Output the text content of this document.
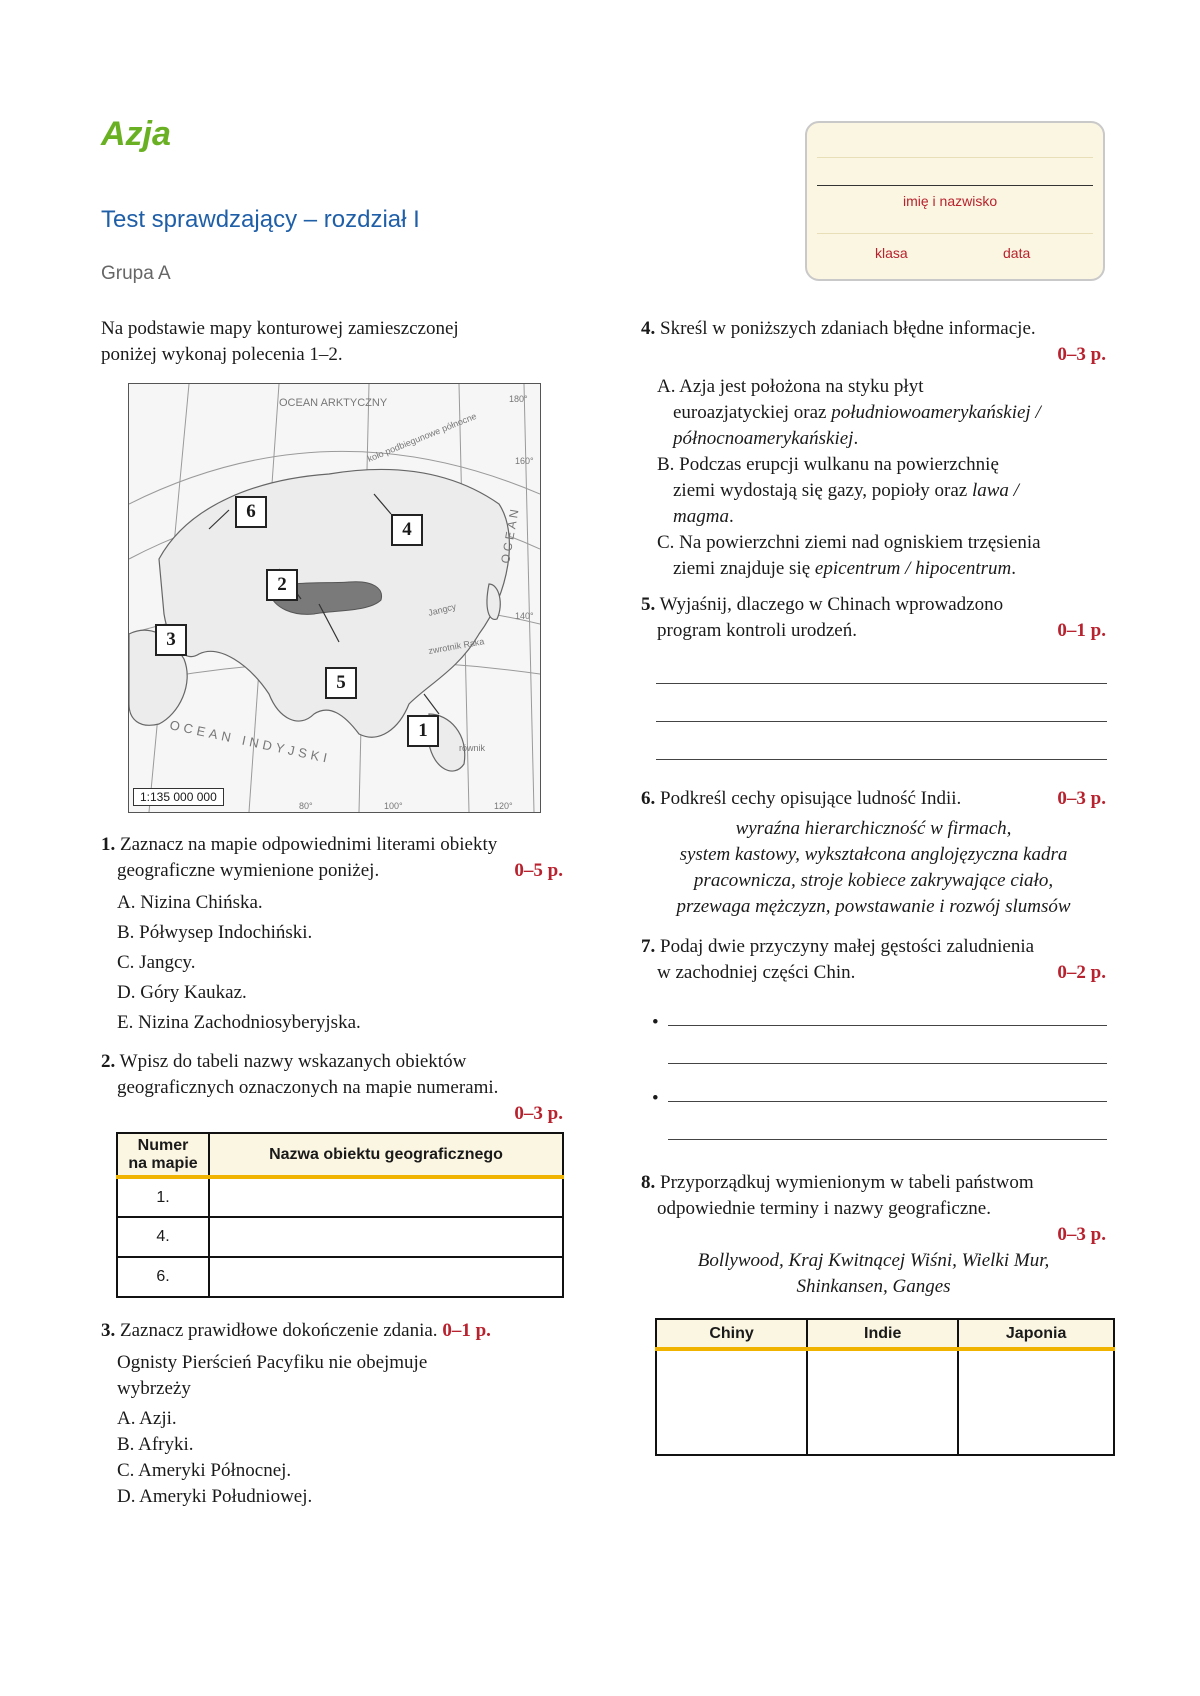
Azja
Test sprawdzający – rozdział I
Grupa A
imię i nazwisko
klasa	data
Na podstawie mapy konturowej zamieszczonej
poniżej wykonaj polecenia 1–2.
OCEAN ARKTYCZNY
OCEAN INDYJSKI
OCEAN
koło podbiegunowe północne
zwrotnik Raka
Jangcy
równik
180°
160°
140°
80°	100°	120°
6
4
2
3
5
1
1:135 000 000
1. Zaznacz na mapie odpowiednimi literami obiekty
geograficzne wymienione poniżej.	0–5 p.
A. Nizina Chińska.
B. Półwysep Indochiński.
C. Jangcy.
D. Góry Kaukaz.
E. Nizina Zachodniosyberyjska.
2. Wpisz do tabeli nazwy wskazanych obiektów
geograficznych oznaczonych na mapie numerami.
0–3 p.
Numer
na mapie	Nazwa obiektu geograficznego
1.	
4.	
6.	
3. Zaznacz prawidłowe dokończenie zdania. 0–1 p.
Ognisty Pierścień Pacyfiku nie obejmuje
wybrzeży
A. Azji.
B. Afryki.
C. Ameryki Północnej.
D. Ameryki Południowej.
4. Skreśl w poniższych zdaniach błędne informacje.
0–3 p.
A. Azja jest położona na styku płyt
euroazjatyckiej oraz południowoamerykańskiej /
północnoamerykańskiej.
B. Podczas erupcji wulkanu na powierzchnię
ziemi wydostają się gazy, popioły oraz lawa /
magma.
C. Na powierzchni ziemi nad ogniskiem trzęsienia
ziemi znajduje się epicentrum / hipocentrum.
5. Wyjaśnij, dlaczego w Chinach wprowadzono
program kontroli urodzeń.	0–1 p.
6. Podkreśl cechy opisujące ludność Indii.	0–3 p.
wyraźna hierarchiczność w firmach,
system kastowy, wykształcona anglojęzyczna kadra
pracownicza, stroje kobiece zakrywające ciało,
przewaga mężczyzn, powstawanie i rozwój slumsów
7. Podaj dwie przyczyny małej gęstości zaludnienia
w zachodniej części Chin.	0–2 p.
•
•
8. Przyporządkuj wymienionym w tabeli państwom
odpowiednie terminy i nazwy geograficzne.
0–3 p.
Bollywood, Kraj Kwitnącej Wiśni, Wielki Mur,
Shinkansen, Ganges
Chiny	Indie	Japonia
